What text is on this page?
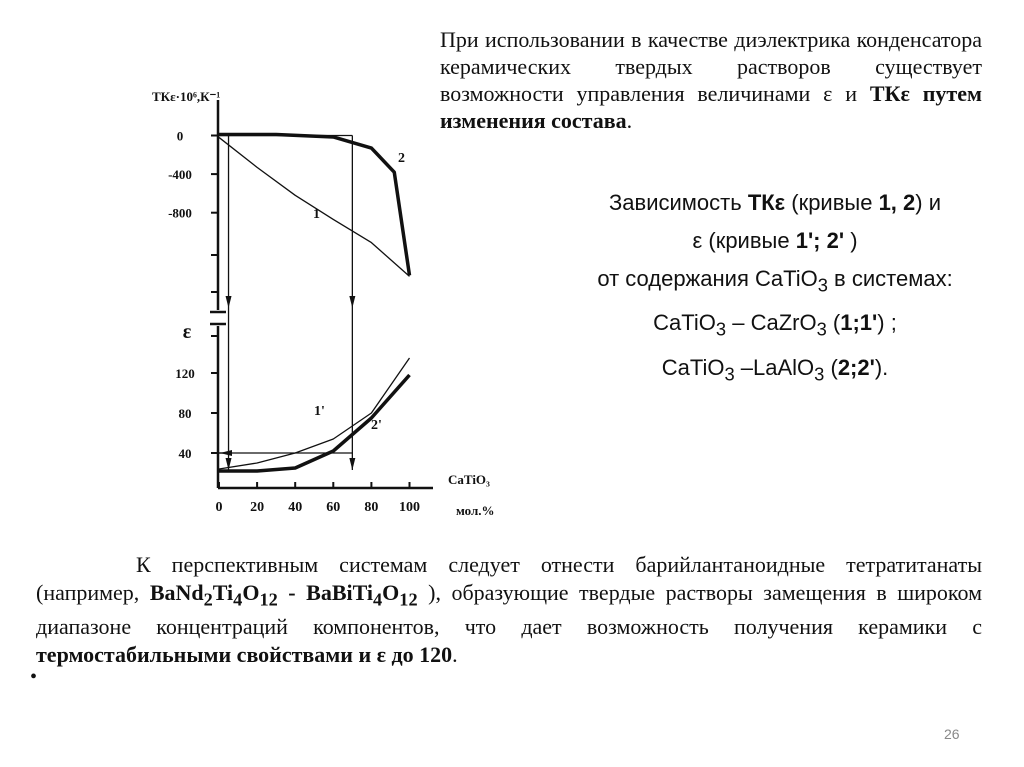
0 20 40 60 80 100
0
-400
-800
120
80
40
ТКε·10⁶,К⁻¹
ε
CaTiO₃
мол.%
1
2
1'
2'
При использовании в качестве диэлектрика конденсатора керамических твердых растворов существует возможности управления величинами ε и ТКε путем изменения состава.
Зависимость ТКε (кривые 1, 2) и
ε (кривые 1'; 2' )
от содержания CaTiO$_3$ в системах:
CaTiO$_3$ – CaZrO$_3$ (1;1') ;
CaTiO$_3$ –LaAlO$_3$ (2;2').
К перспективным системам следует отнести барийлантаноидные тетратитанаты (например, $BaNd_2Ti_4O_{12}$ - $BaBiTi_4O_{12}$ ), образующие твердые растворы замещения в широком диапазоне концентраций компонентов, что дает возможность получения керамики с термостабильными свойствами и ε до 120.
•
26
